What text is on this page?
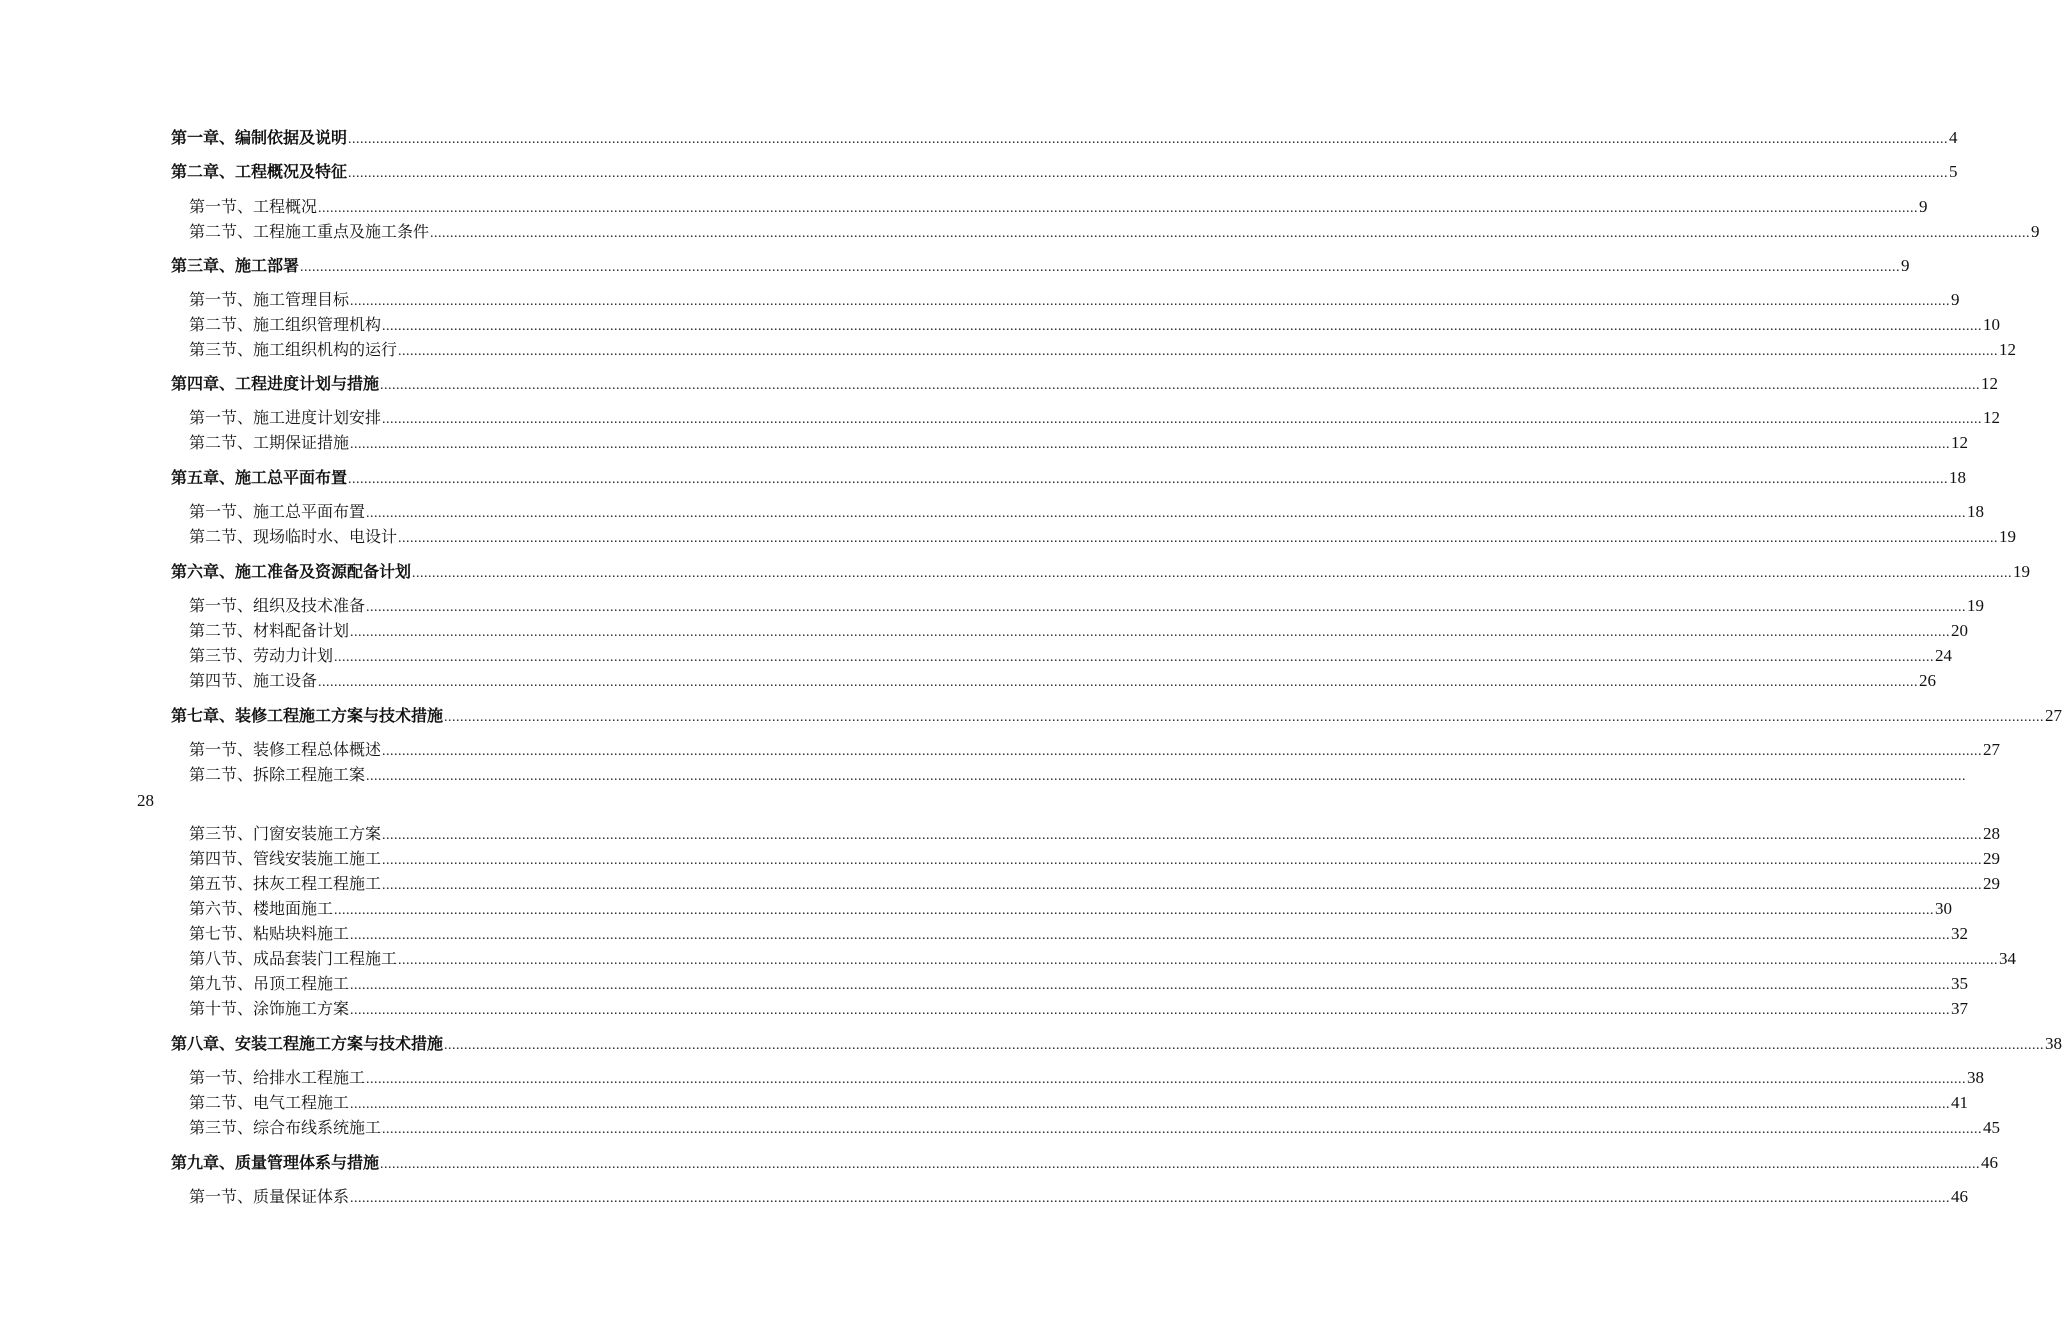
第一章、编制依据及说明 ................................................................................................................................................................................................................................................................................................................................................................................................................ 4
第二章、工程概况及特征 ................................................................................................................................................................................................................................................................................................................................................................................................................ 5
第一节、工程概况 ................................................................................................................................................................................................................................................................................................................................................................................................................ 9
第二节、工程施工重点及施工条件 ................................................................................................................................................................................................................................................................................................................................................................................................................ 9
第三章、施工部署 ................................................................................................................................................................................................................................................................................................................................................................................................................ 9
第一节、施工管理目标 ................................................................................................................................................................................................................................................................................................................................................................................................................ 9
第二节、施工组织管理机构 ................................................................................................................................................................................................................................................................................................................................................................................................................ 10
第三节、施工组织机构的运行 ................................................................................................................................................................................................................................................................................................................................................................................................................ 12
第四章、工程进度计划与措施 ................................................................................................................................................................................................................................................................................................................................................................................................................ 12
第一节、施工进度计划安排 ................................................................................................................................................................................................................................................................................................................................................................................................................ 12
第二节、工期保证措施 ................................................................................................................................................................................................................................................................................................................................................................................................................ 12
第五章、施工总平面布置 ................................................................................................................................................................................................................................................................................................................................................................................................................ 18
第一节、施工总平面布置 ................................................................................................................................................................................................................................................................................................................................................................................................................ 18
第二节、现场临时水、电设计 ................................................................................................................................................................................................................................................................................................................................................................................................................ 19
第六章、施工准备及资源配备计划 ................................................................................................................................................................................................................................................................................................................................................................................................................ 19
第一节、组织及技术准备 ................................................................................................................................................................................................................................................................................................................................................................................................................ 19
第二节、材料配备计划 ................................................................................................................................................................................................................................................................................................................................................................................................................ 20
第三节、劳动力计划 ................................................................................................................................................................................................................................................................................................................................................................................................................ 24
第四节、施工设备 ................................................................................................................................................................................................................................................................................................................................................................................................................ 26
第七章、装修工程施工方案与技术措施 ................................................................................................................................................................................................................................................................................................................................................................................................................ 27
第一节、装修工程总体概述 ................................................................................................................................................................................................................................................................................................................................................................................................................ 27
第二节、拆除工程施工案 ................................................................................................................................................................................................................................................................................................................................................................................................................
第三节、门窗安装施工方案 ................................................................................................................................................................................................................................................................................................................................................................................................................ 28
第四节、管线安装施工施工 ................................................................................................................................................................................................................................................................................................................................................................................................................ 29
第五节、抹灰工程工程施工 ................................................................................................................................................................................................................................................................................................................................................................................................................ 29
第六节、楼地面施工 ................................................................................................................................................................................................................................................................................................................................................................................................................ 30
第七节、粘贴块料施工 ................................................................................................................................................................................................................................................................................................................................................................................................................ 32
第八节、成品套装门工程施工 ................................................................................................................................................................................................................................................................................................................................................................................................................ 34
第九节、吊顶工程施工 ................................................................................................................................................................................................................................................................................................................................................................................................................ 35
第十节、涂饰施工方案 ................................................................................................................................................................................................................................................................................................................................................................................................................ 37
第八章、安装工程施工方案与技术措施 ................................................................................................................................................................................................................................................................................................................................................................................................................ 38
第一节、给排水工程施工 ................................................................................................................................................................................................................................................................................................................................................................................................................ 38
第二节、电气工程施工 ................................................................................................................................................................................................................................................................................................................................................................................................................ 41
第三节、综合布线系统施工 ................................................................................................................................................................................................................................................................................................................................................................................................................ 45
第九章、质量管理体系与措施 ................................................................................................................................................................................................................................................................................................................................................................................................................ 46
第一节、质量保证体系 ................................................................................................................................................................................................................................................................................................................................................................................................................ 46
28
